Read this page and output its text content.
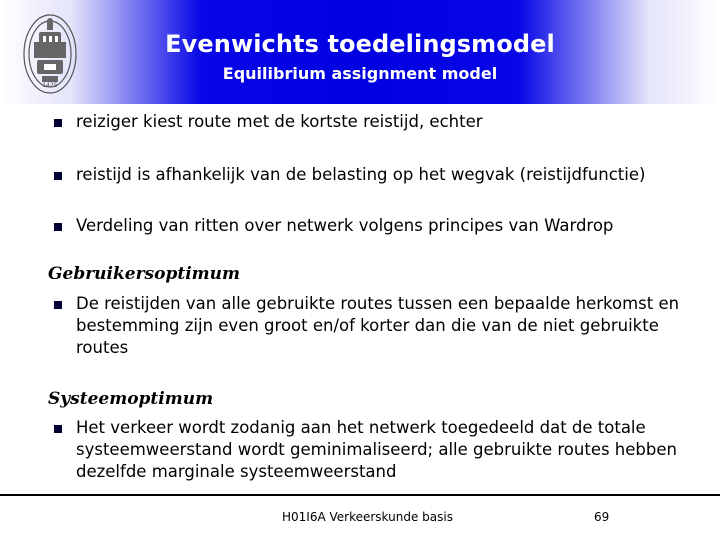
1425
Evenwichts toedelingsmodel
Equilibrium assignment model
reiziger kiest route met de kortste reistijd, echter
reistijd is afhankelijk van de belasting op het wegvak (reistijdfunctie)
Verdeling van ritten over netwerk volgens principes van Wardrop
Gebruikersoptimum
De reistijden van alle gebruikte routes tussen een bepaalde herkomst en bestemming zijn even groot en/of korter dan die van de niet gebruikte routes
Systeemoptimum
Het verkeer wordt zodanig aan het netwerk toegedeeld dat de totale systeemweerstand wordt geminimaliseerd; alle gebruikte routes hebben dezelfde marginale systeemweerstand
H01I6A Verkeerskunde basis	69
